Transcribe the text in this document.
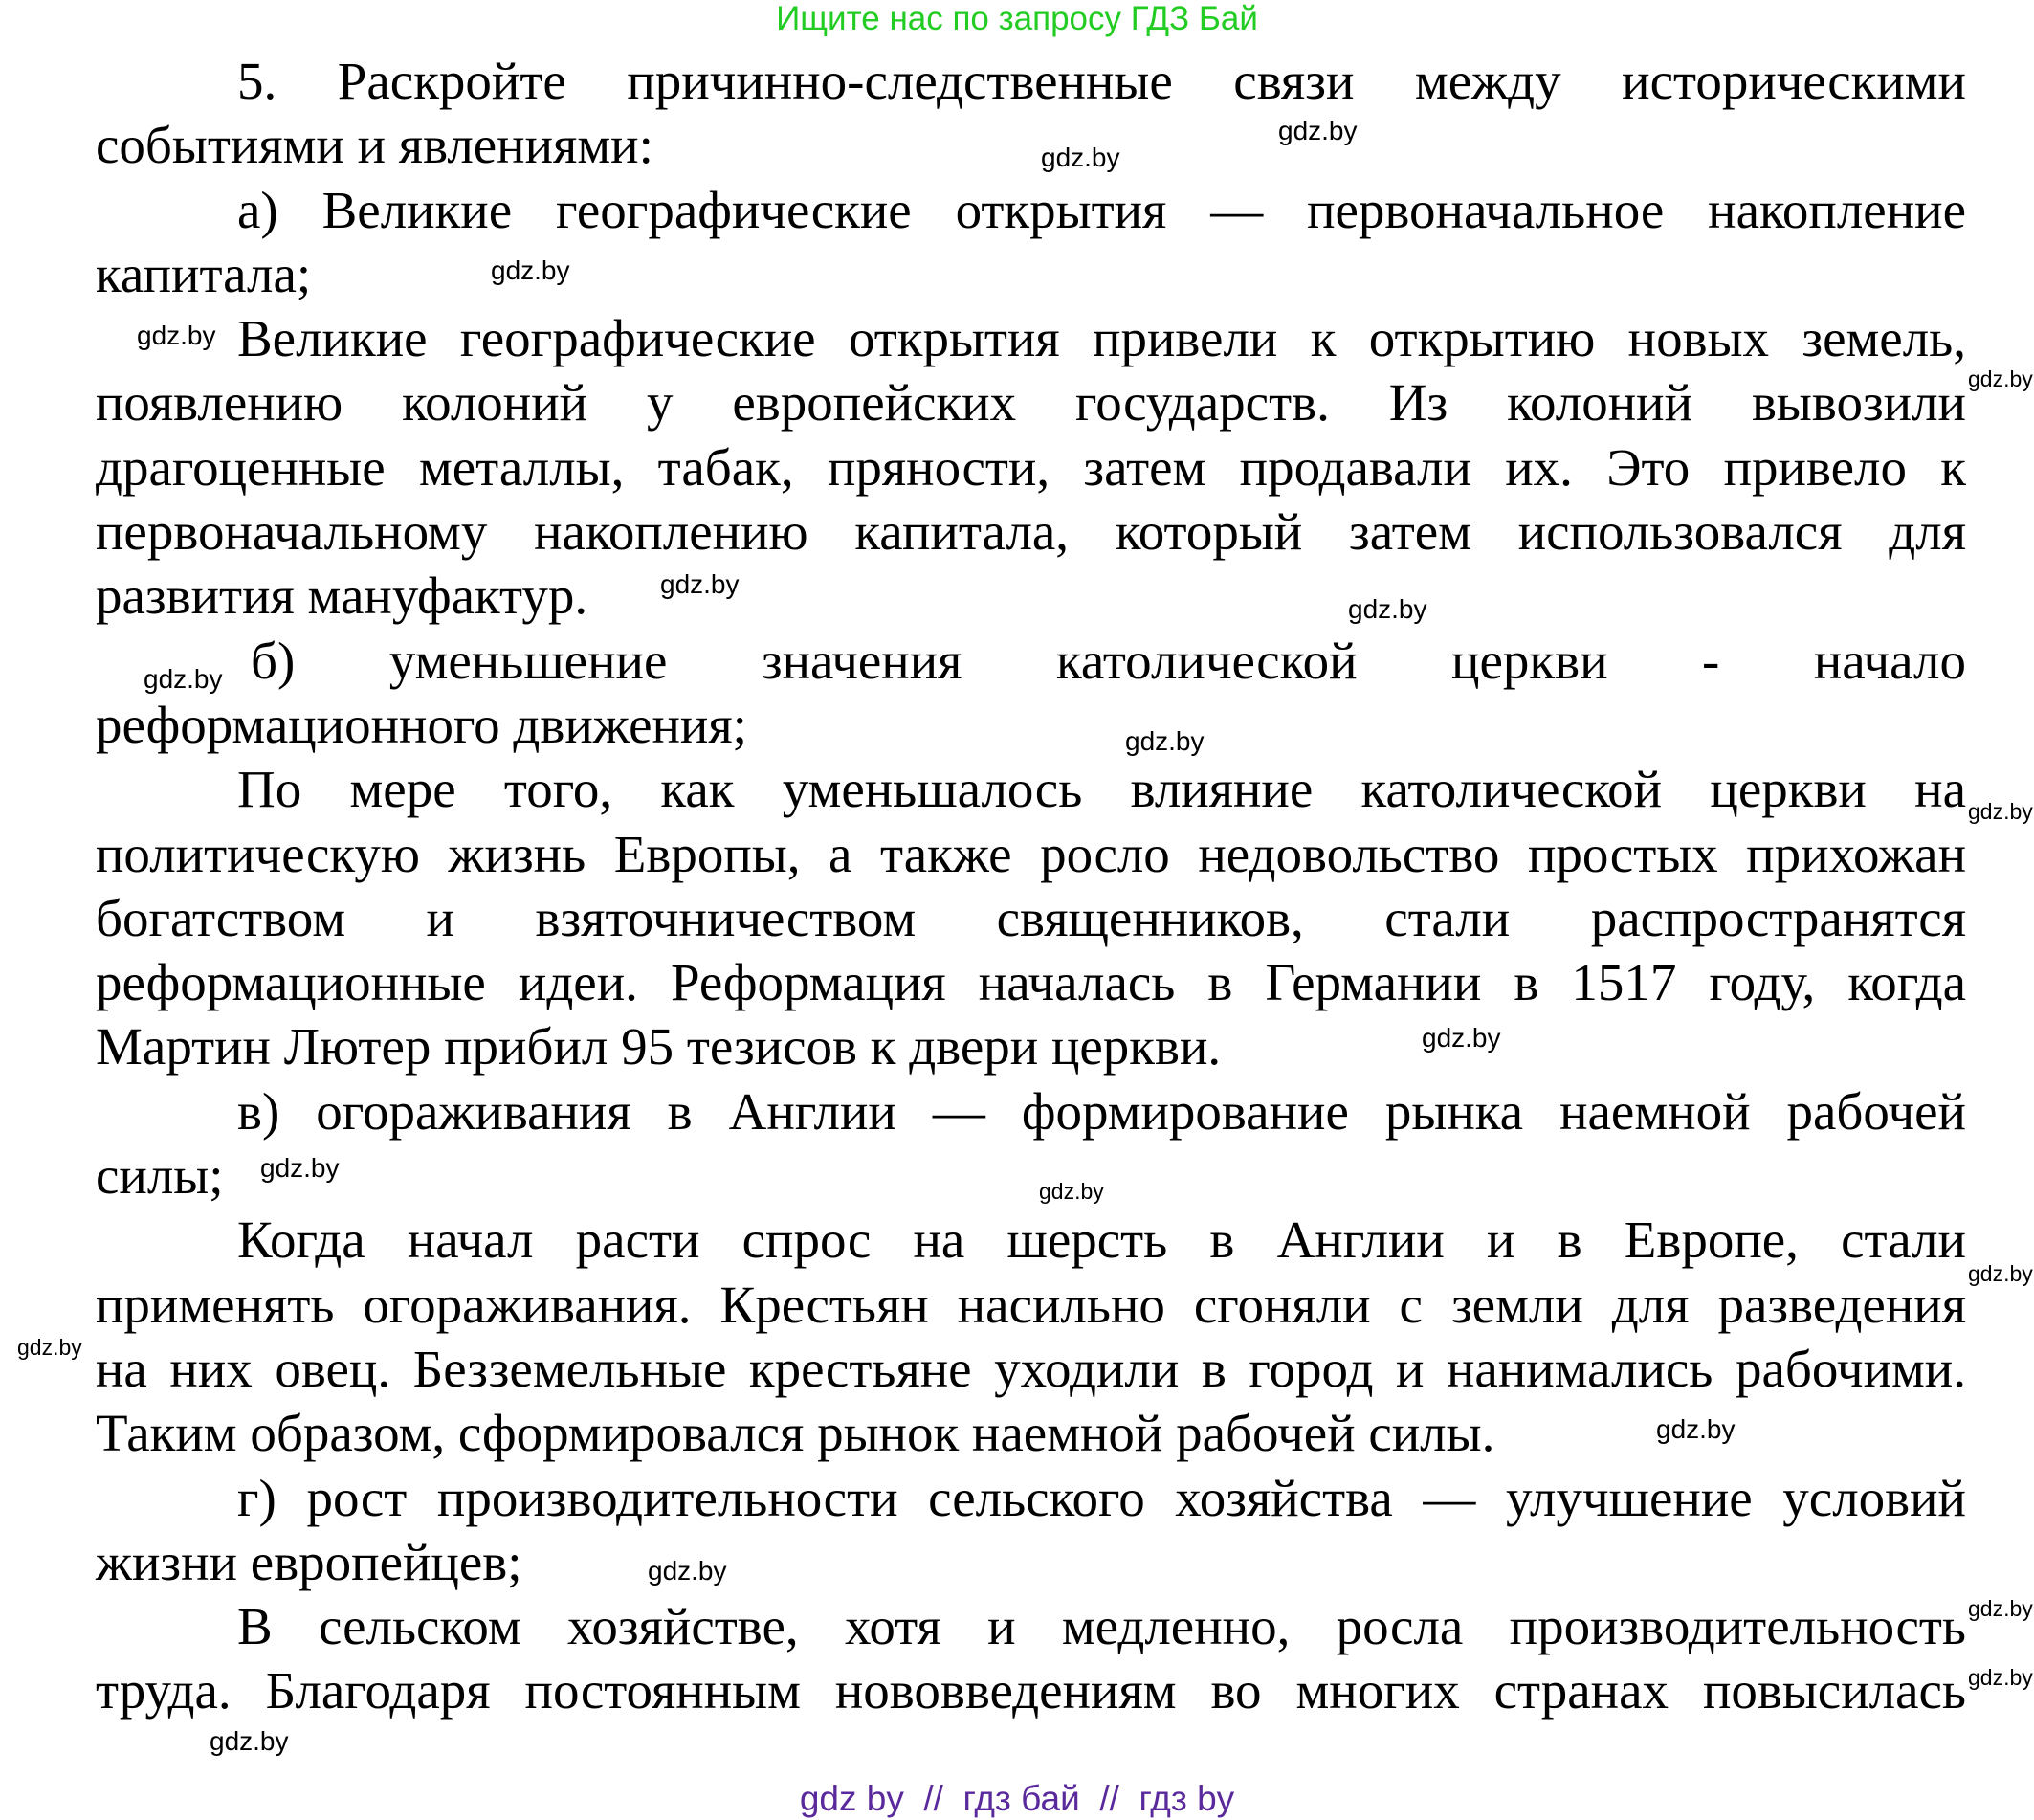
Ищите нас по запросу ГДЗ Бай
5. Раскройте причинно-следственные связи между историческими
событиями и явлениями:
а) Великие географические открытия — первоначальное накопление
капитала;
Великие географические открытия привели к открытию новых земель,
появлению колоний у европейских государств. Из колоний вывозили
драгоценные металлы, табак, пряности, затем продавали их. Это привело к
первоначальному накоплению капитала, который затем использовался для
развития мануфактур.
б) уменьшение значения католической церкви - начало
реформационного движения;
По мере того, как уменьшалось влияние католической церкви на
политическую жизнь Европы, а также росло недовольство простых прихожан
богатством и взяточничеством священников, стали распространятся
реформационные идеи. Реформация началась в Германии в 1517 году, когда
Мартин Лютер прибил 95 тезисов к двери церкви.
в) огораживания в Англии — формирование рынка наемной рабочей
силы;
Когда начал расти спрос на шерсть в Англии и в Европе, стали
применять огораживания. Крестьян насильно сгоняли с земли для разведения
на них овец. Безземельные крестьяне уходили в город и нанимались рабочими.
Таким образом, сформировался рынок наемной рабочей силы.
г) рост производительности сельского хозяйства — улучшение условий
жизни европейцев;
В сельском хозяйстве, хотя и медленно, росла производительность
труда. Благодаря постоянным нововведениям во многих странах повысилась
gdz.by
gdz.by
gdz.by
gdz.by
gdz.by
gdz.by
gdz.by
gdz.by
gdz.by
gdz.by
gdz.by
gdz.by
gdz.by
gdz.by
gdz.by
gdz.by
gdz.by
gdz.by
gdz.by
gdz.by
gdz by  //  гдз бай  //  гдз by
